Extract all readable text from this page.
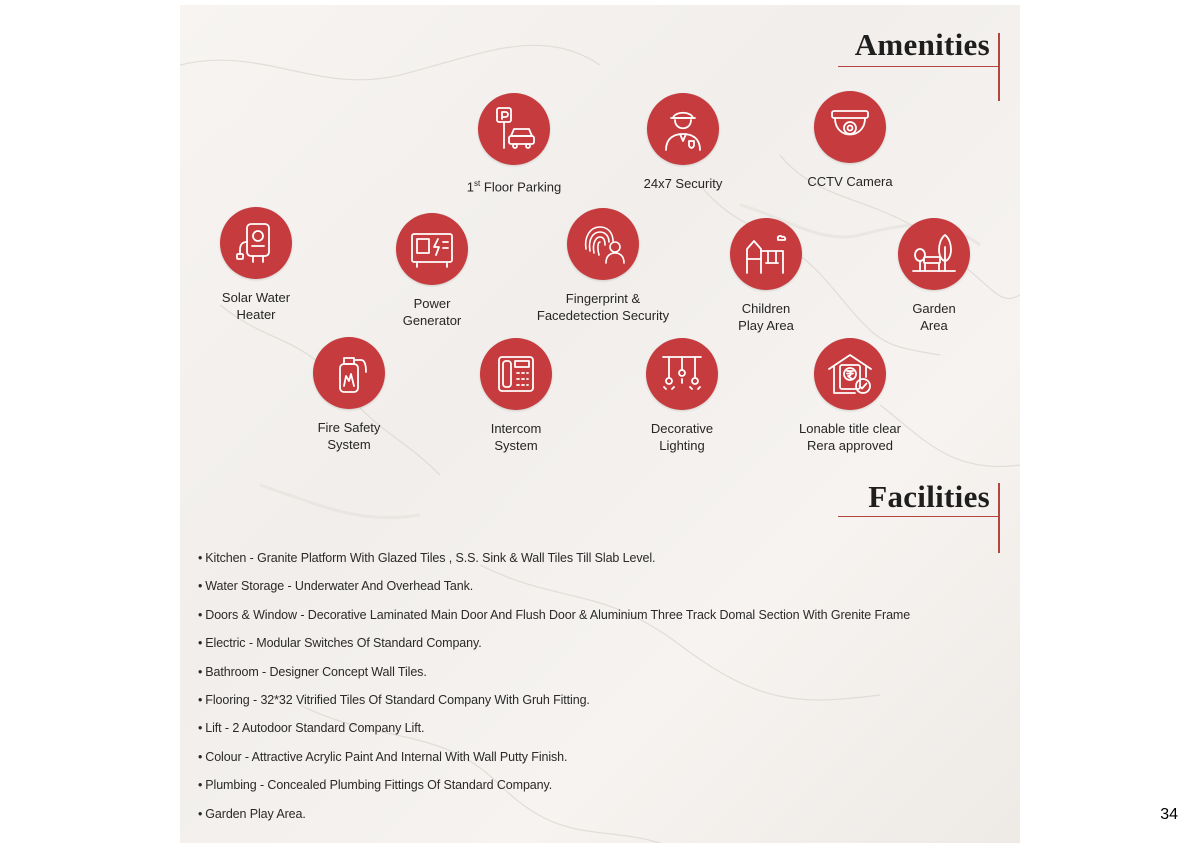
Amenities
1st Floor Parking	24x7 Security	CCTV Camera
Solar Water
Heater
Power
Generator
Fingerprint &
Facedetection Security	Children
Play Area
Garden
Area
Fire Safety
System
Intercom
System
Decorative
Lighting
Lonable title clear
Rera approved
Facilities
• Kitchen - Granite Platform With Glazed Tiles , S.S. Sink & Wall Tiles Till Slab Level.
• Water Storage - Underwater And Overhead Tank.
• Doors & Window - Decorative Laminated Main Door And Flush Door & Aluminium Three Track Domal Section With Grenite Frame
• Electric - Modular Switches Of Standard Company.
• Bathroom - Designer Concept Wall Tiles.
• Flooring - 32*32 Vitrified Tiles Of Standard Company With Gruh Fitting.
• Lift - 2 Autodoor Standard Company Lift.
• Colour - Attractive Acrylic Paint And Internal With Wall Putty Finish.
• Plumbing - Concealed Plumbing Fittings Of Standard Company.
• Garden Play Area.	34
